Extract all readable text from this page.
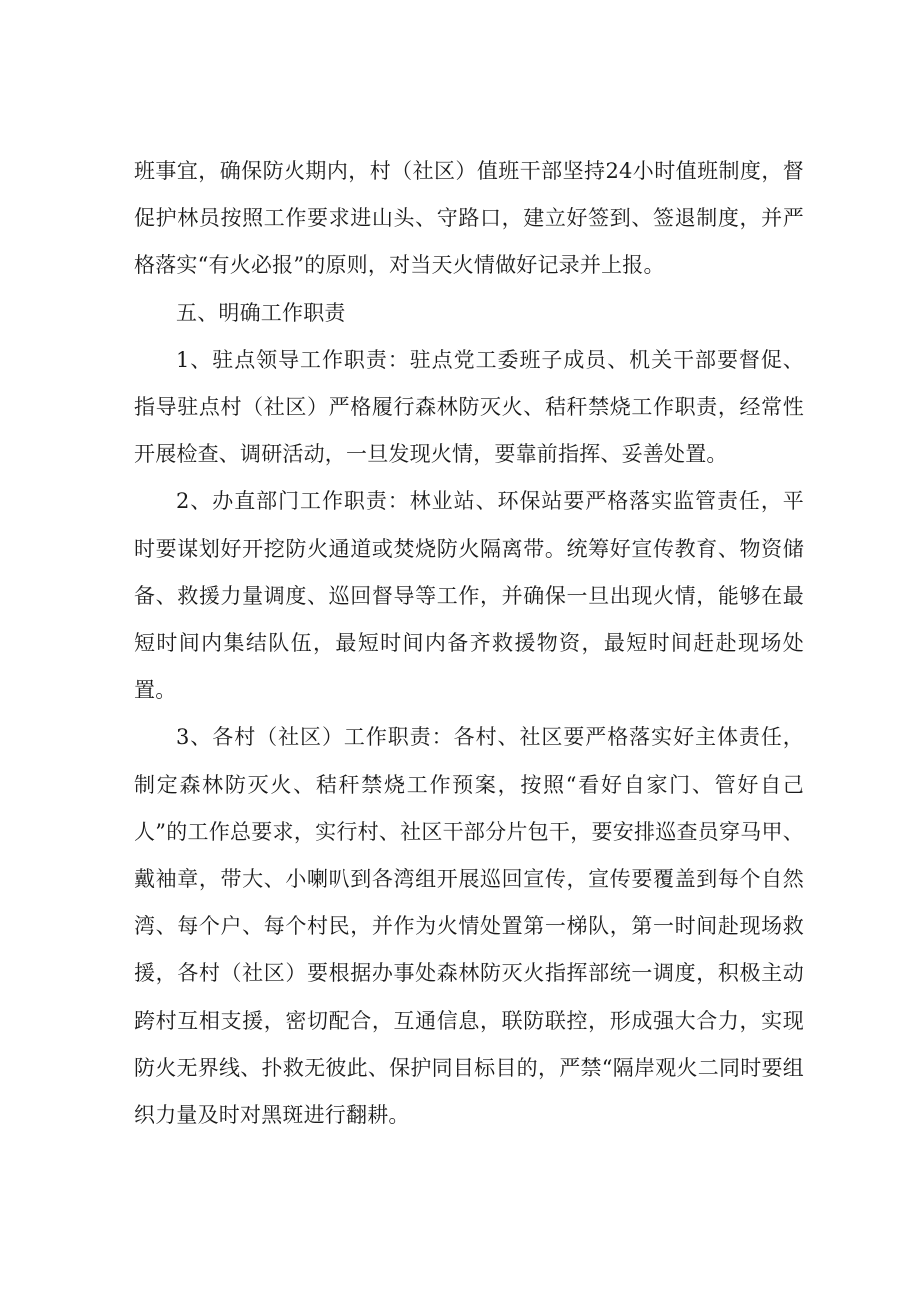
班事宜，确保防火期内，村（社区）值班干部坚持24小时值班制度，督促护林员按照工作要求进山头、守路口，建立好签到、签退制度，并严格落实“有火必报”的原则，对当天火情做好记录并上报。

五、明确工作职责

1、驻点领导工作职责：驻点党工委班子成员、机关干部要督促、指导驻点村（社区）严格履行森林防灭火、秸秆禁烧工作职责，经常性开展检查、调研活动，一旦发现火情，要靠前指挥、妥善处置。

2、办直部门工作职责：林业站、环保站要严格落实监管责任，平时要谋划好开挖防火通道或焚烧防火隔离带。统筹好宣传教育、物资储备、救援力量调度、巡回督导等工作，并确保一旦出现火情，能够在最短时间内集结队伍，最短时间内备齐救援物资，最短时间赶赴现场处置。

3、各村（社区）工作职责：各村、社区要严格落实好主体责任，制定森林防灭火、秸秆禁烧工作预案，按照“看好自家门、管好自己人”的工作总要求，实行村、社区干部分片包干，要安排巡查员穿马甲、戴袖章，带大、小喇叭到各湾组开展巡回宣传，宣传要覆盖到每个自然湾、每个户、每个村民，并作为火情处置第一梯队，第一时间赴现场救援，各村（社区）要根据办事处森林防灭火指挥部统一调度，积极主动跨村互相支援，密切配合，互通信息，联防联控，形成强大合力，实现防火无界线、扑救无彼此、保护同目标目的，严禁“隔岸观火二同时要组织力量及时对黑斑进行翻耕。
